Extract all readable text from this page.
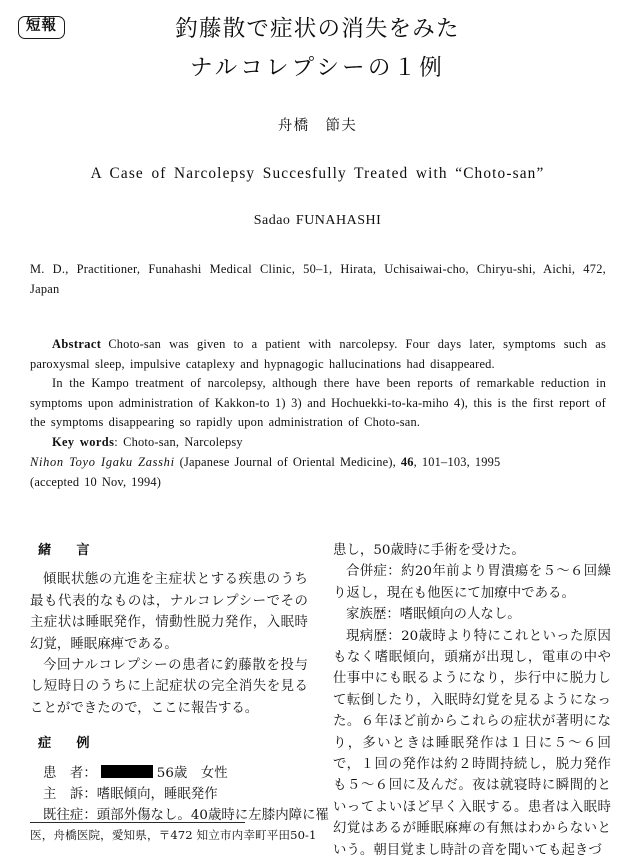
短報	釣藤散で症状の消失をみた
ナルコレプシーの１例
舟橋　節夫
A Case of Narcolepsy Succesfully Treated with “Choto-san”
Sadao FUNAHASHI
M. D., Practitioner, Funahashi Medical Clinic, 50–1, Hirata, Uchisaiwai-cho, Chiryu-shi, Aichi, 472, Japan

Abstract Choto-san was given to a patient with narcolepsy. Four days later, symptoms such as paroxysmal sleep, impulsive cataplexy and hypnagogic hallucinations had disappeared.

In the Kampo treatment of narcolepsy, although there have been reports of remarkable reduction in symptoms upon administration of Kakkon-to 1) 3) and Hochuekki-to-ka-miho 4), this is the first report of the symptoms disappearing so rapidly upon administration of Choto-san.

Key words: Choto-san, Narcolepsy

Nihon Toyo Igaku Zasshi (Japanese Journal of Oriental Medicine), 46, 101–103, 1995
(accepted 10 Nov, 1994)
緒　言

傾眠状態の亢進を主症状とする疾患のうち最も代表的なものは，ナルコレプシーでその主症状は睡眠発作，情動性脱力発作，入眠時幻覚，睡眠麻痺である。

今回ナルコレプシーの患者に釣藤散を投与し短時日のうちに上記症状の完全消失を見ることができたので，ここに報告する。

症　例

患　者：	56歳　女性

主　訴：嗜眠傾向，睡眠発作

既往症：頭部外傷なし。40歳時に左膝内障に罹

患し，50歳時に手術を受けた。

合併症：約20年前より胃潰瘍を５〜６回繰り返し，現在も他医にて加療中である。

家族歴：嗜眠傾向の人なし。

現病歴：20歳時より特にこれといった原因もなく嗜眠傾向，頭痛が出現し，電車の中や仕事中にも眠るようになり，歩行中に脱力して転倒したり，入眠時幻覚を見るようになった。６年ほど前からこれらの症状が著明になり，多いときは睡眠発作は１日に５〜６回で，１回の発作は約２時間持続し，脱力発作も５〜６回に及んだ。夜は就寝時に瞬間的といってよいほど早く入眠する。患者は入眠時幻覚はあるが睡眠麻痺の有無はわからないという。朝目覚まし時計の音を聞いても起きづ

医，舟橋医院，愛知県，〒472 知立市内幸町平田50-1
